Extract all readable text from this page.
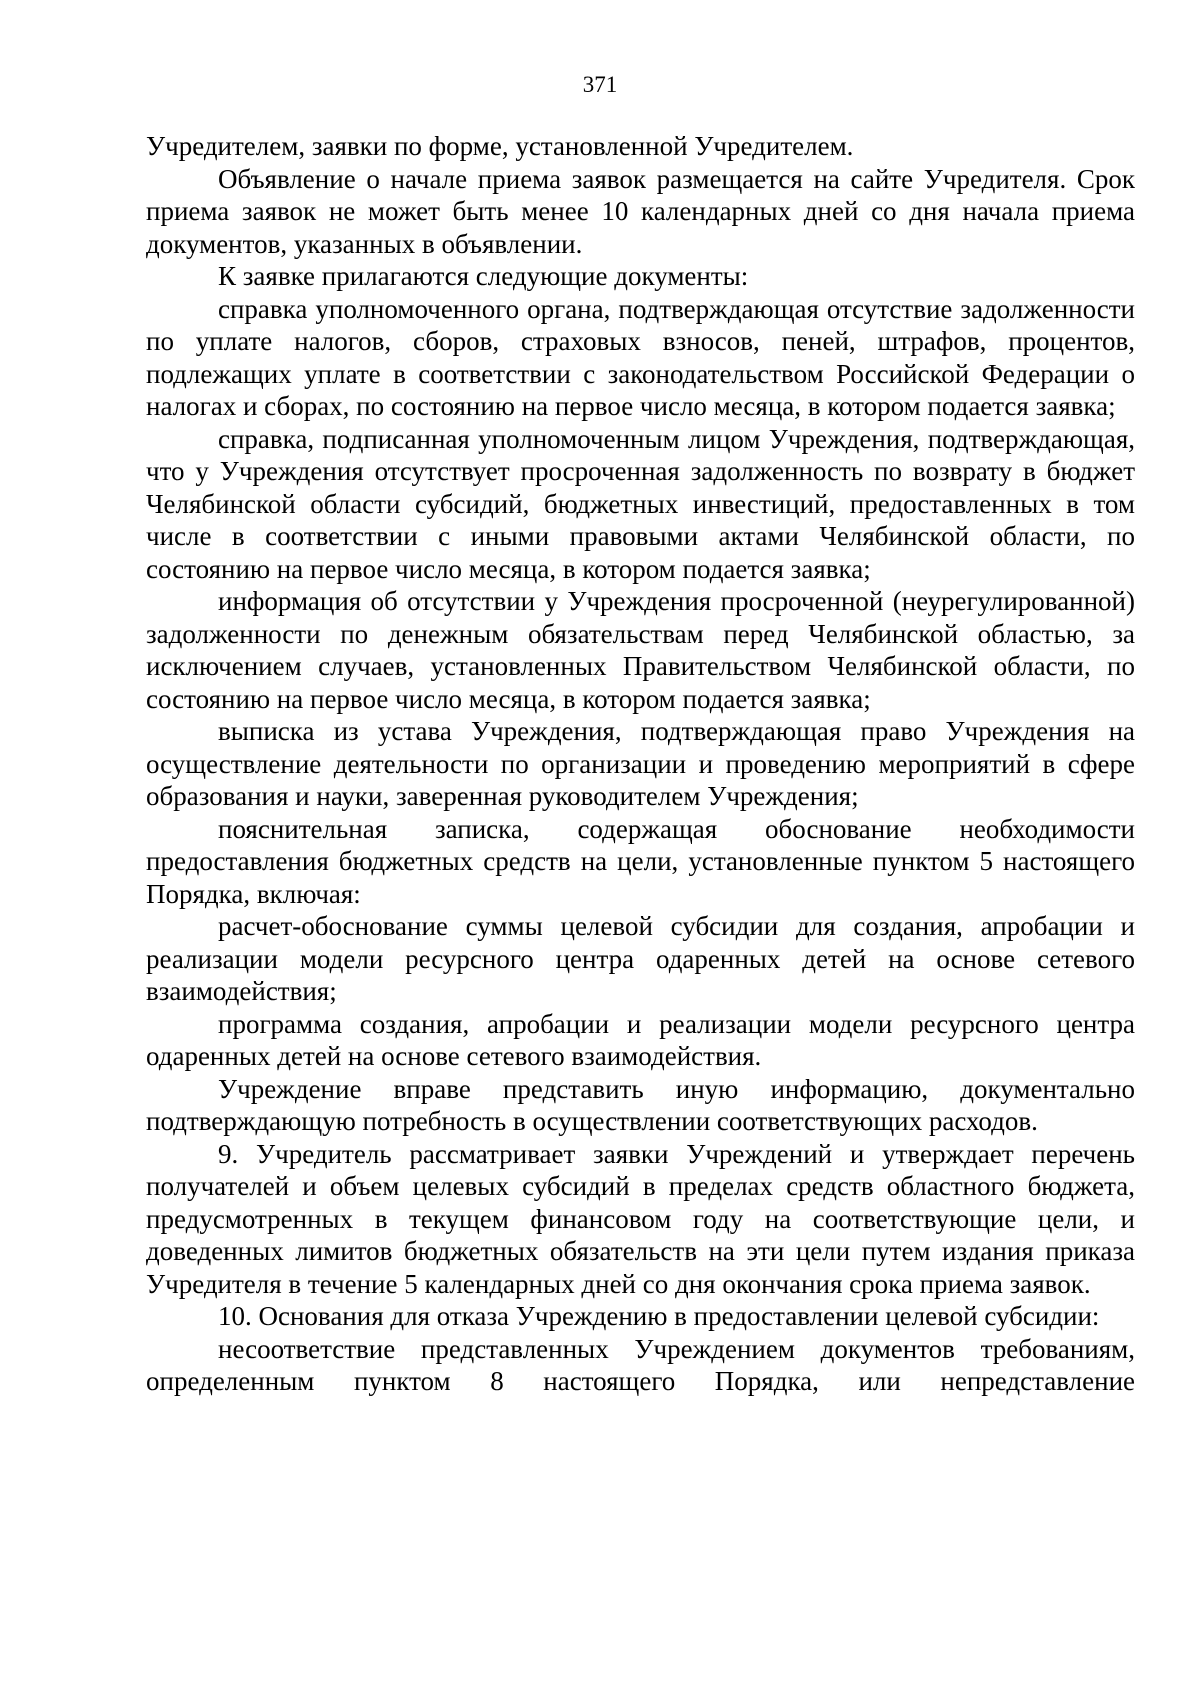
371

Учредителем, заявки по форме, установленной Учредителем.

Объявление о начале приема заявок размещается на сайте Учредителя. Срок приема заявок не может быть менее 10 календарных дней со дня начала приема документов, указанных в объявлении.

К заявке прилагаются следующие документы:

справка уполномоченного органа, подтверждающая отсутствие задолженности по уплате налогов, сборов, страховых взносов, пеней, штрафов, процентов, подлежащих уплате в соответствии с законодательством Российской Федерации о налогах и сборах, по состоянию на первое число месяца, в котором подается заявка;

справка, подписанная уполномоченным лицом Учреждения, подтверждающая, что у Учреждения отсутствует просроченная задолженность по возврату в бюджет Челябинской области субсидий, бюджетных инвестиций, предоставленных в том числе в соответствии с иными правовыми актами Челябинской области, по состоянию на первое число месяца, в котором подается заявка;

информация об отсутствии у Учреждения просроченной (неурегулированной) задолженности по денежным обязательствам перед Челябинской областью, за исключением случаев, установленных Правительством Челябинской области, по состоянию на первое число месяца, в котором подается заявка;

выписка из устава Учреждения, подтверждающая право Учреждения на осуществление деятельности по организации и проведению мероприятий в сфере образования и науки, заверенная руководителем Учреждения;

пояснительная записка, содержащая обоснование необходимости предоставления бюджетных средств на цели, установленные пунктом 5 настоящего Порядка, включая:

расчет-обоснование суммы целевой субсидии для создания, апробации и реализации модели ресурсного центра одаренных детей на основе сетевого взаимодействия;

программа создания, апробации и реализации модели ресурсного центра одаренных детей на основе сетевого взаимодействия.

Учреждение вправе представить иную информацию, документально подтверждающую потребность в осуществлении соответствующих расходов.

9. Учредитель рассматривает заявки Учреждений и утверждает перечень получателей и объем целевых субсидий в пределах средств областного бюджета, предусмотренных в текущем финансовом году на соответствующие цели, и доведенных лимитов бюджетных обязательств на эти цели путем издания приказа Учредителя в течение 5 календарных дней со дня окончания срока приема заявок.

10. Основания для отказа Учреждению в предоставлении целевой субсидии:

несоответствие представленных Учреждением документов требованиям, определенным пунктом 8 настоящего Порядка, или непредставление
